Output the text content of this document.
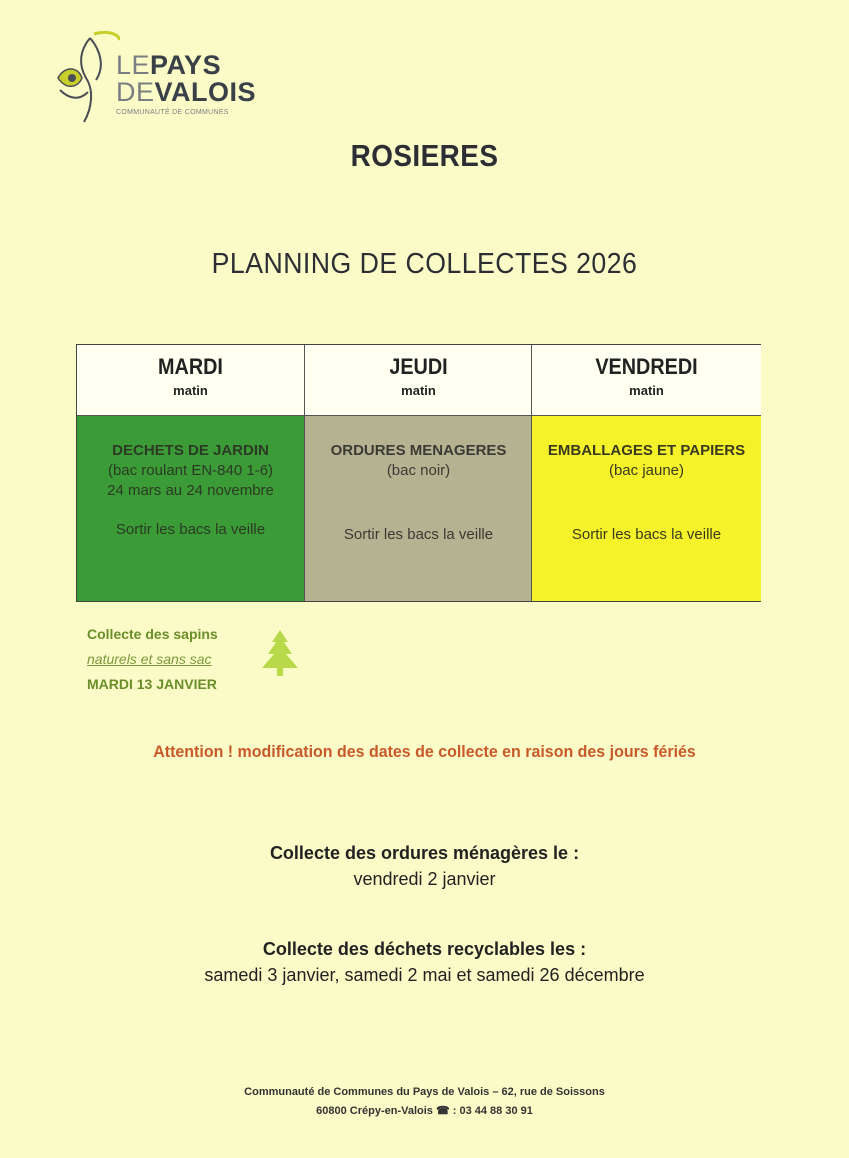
LEPAYS
DEVALOIS
COMMUNAUTÉ DE COMMUNES
ROSIERES
PLANNING DE COLLECTES 2026
MARDI
matin
DECHETS DE JARDIN
(bac roulant EN-840 1-6)
24 mars au 24 novembre
Sortir les bacs la veille
JEUDI
matin
ORDURES MENAGERES
(bac noir)
Sortir les bacs la veille
VENDREDI
matin
EMBALLAGES ET PAPIERS
(bac jaune)
Sortir les bacs la veille
Collecte des sapins
naturels et sans sac
MARDI 13 JANVIER
Attention ! modification des dates de collecte en raison des jours fériés
Collecte des ordures ménagères le :
vendredi 2 janvier
Collecte des déchets recyclables les :
samedi 3 janvier, samedi 2 mai et samedi 26 décembre
Communauté de Communes du Pays de Valois – 62, rue de Soissons
60800 Crépy-en-Valois ☎ : 03 44 88 30 91
